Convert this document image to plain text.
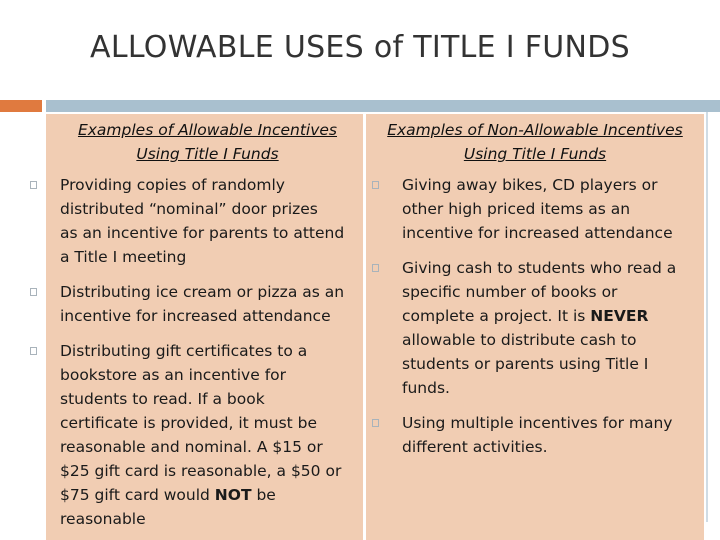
ALLOWABLE USES of TITLE I FUNDS
Examples of Allowable Incentives
Using Title I Funds
Providing copies of randomly
distributed “nominal” door prizes
as an incentive for parents to attend
a Title I meeting
Distributing ice cream or pizza as an
incentive for increased attendance
Distributing gift certificates to a
bookstore as an incentive for
students to read. If a book
certificate is provided, it must be
reasonable and nominal. A $15 or
$25 gift card is reasonable, a $50 or
$75 gift card would NOT be
reasonable
Examples of Non-Allowable Incentives
Using Title I Funds
Giving away bikes, CD players or
other high priced items as an
incentive for increased attendance
Giving cash to students who read a
specific number of books or
complete a project. It is NEVER
allowable to distribute cash to
students or parents using Title I
funds.
Using multiple incentives for many
different activities.
